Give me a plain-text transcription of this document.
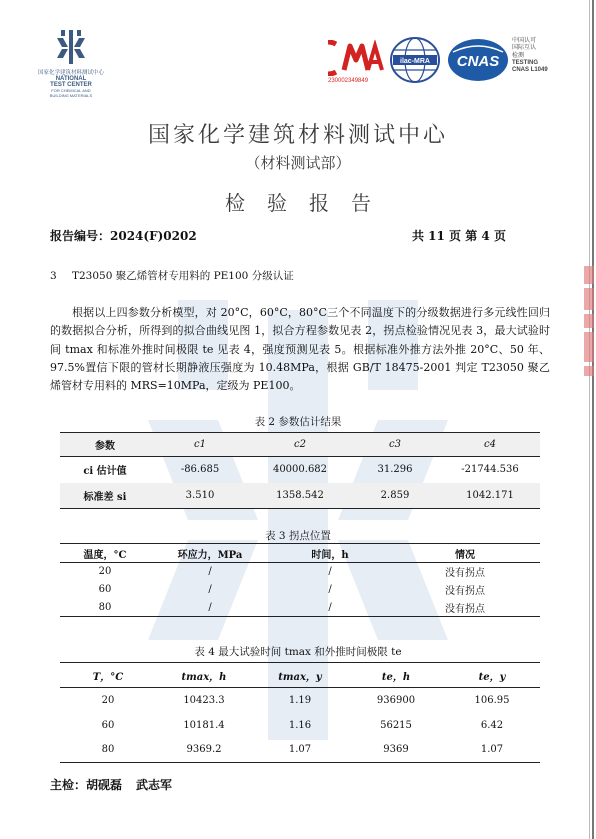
国家化学建筑材料测试中心
NATIONAL
TEST CENTER
FOR CHEMICAL AND
BUILDING MATERIALS
230002349849
ilac-MRA CNAS
中国认可
国际互认
检测
TESTING
CNAS L1049
国家化学建筑材料测试中心
（材料测试部）
检验报告
报告编号：2024(F)0202	共 11 页 第 4 页
3 T23050 聚乙烯管材专用料的 PE100 分级认证
根据以上四参数分析模型，对 20°C，60°C，80°C三个不同温度下的分级数据进行多元线性回归的数据拟合分析，所得到的拟合曲线见图 1，拟合方程参数见表 2，拐点检验情况见表 3，最大试验时间 tmax 和标准外推时间极限 te 见表 4，强度预测见表 5。根据标准外推方法外推 20°C、50 年、97.5%置信下限的管材长期静液压强度为 10.48MPa，根据 GB/T 18475-2001 判定 T23050 聚乙烯管材专用料的 MRS=10MPa，定级为 PE100。
表 2 参数估计结果
参数	c1	c2	c3	c4
ci 估计值	-86.685	40000.682	31.296	-21744.536
标准差 si	3.510	1358.542	2.859	1042.171
表 3 拐点位置
温度，°C	环应力，MPa	时间，h	情况
20	/	/	没有拐点
60	/	/	没有拐点
80	/	/	没有拐点
表 4 最大试验时间 tmax 和外推时间极限 te
T，°C	tmax，h	tmax，y	te，h	te，y
20	10423.3	1.19	936900	106.95
60	10181.4	1.16	56215	6.42
80	9369.2	1.07	9369	1.07
主检：胡砚磊 武志军
